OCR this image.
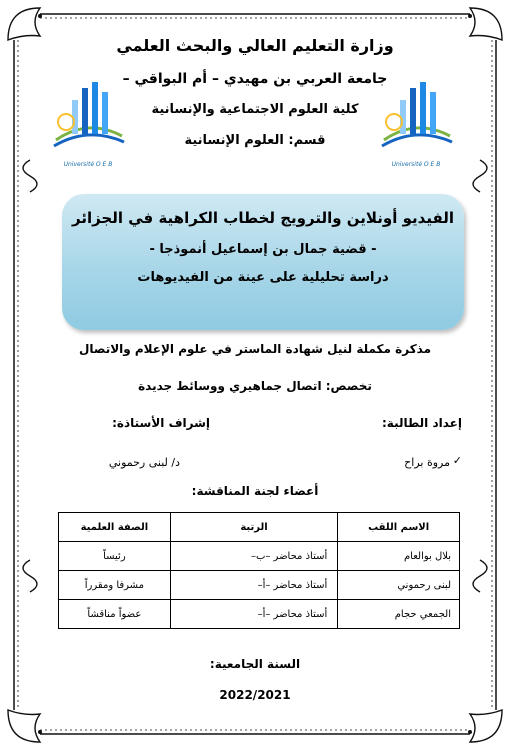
وزارة التعليم العالي والبحث العلمي
جامعة العربي بن مهيدي – أم البواقي –
كلية العلوم الاجتماعية والإنسانية
قسم: العلوم الإنسانية
Université O E B	Université O E B
الفيديو أونلاين والترويج لخطاب الكراهية في الجزائر
- قضية جمال بن إسماعيل أنموذجا -
دراسة تحليلية على عينة من الفيديوهات
مذكرة مكملة لنيل شهادة الماستر في علوم الإعلام والاتصال
تخصص: اتصال جماهيري ووسائط جديدة
إعداد الطالبة:
إشراف الأستاذة:
✓
مروة براح
د/ لبنى رحموني
أعضاء لجنة المناقشة:
الاسم اللقب	الرتبة	الصفة العلمية
بلال بوالعام	أستاذ محاضر –ب–	رئيساً
لبنى رحموني	أستاذ محاضر –أ–	مشرفا ومقرراً
الجمعي حجام	أستاذ محاضر –أ–	عضواً مناقشاً
السنة الجامعية:
2022/2021
